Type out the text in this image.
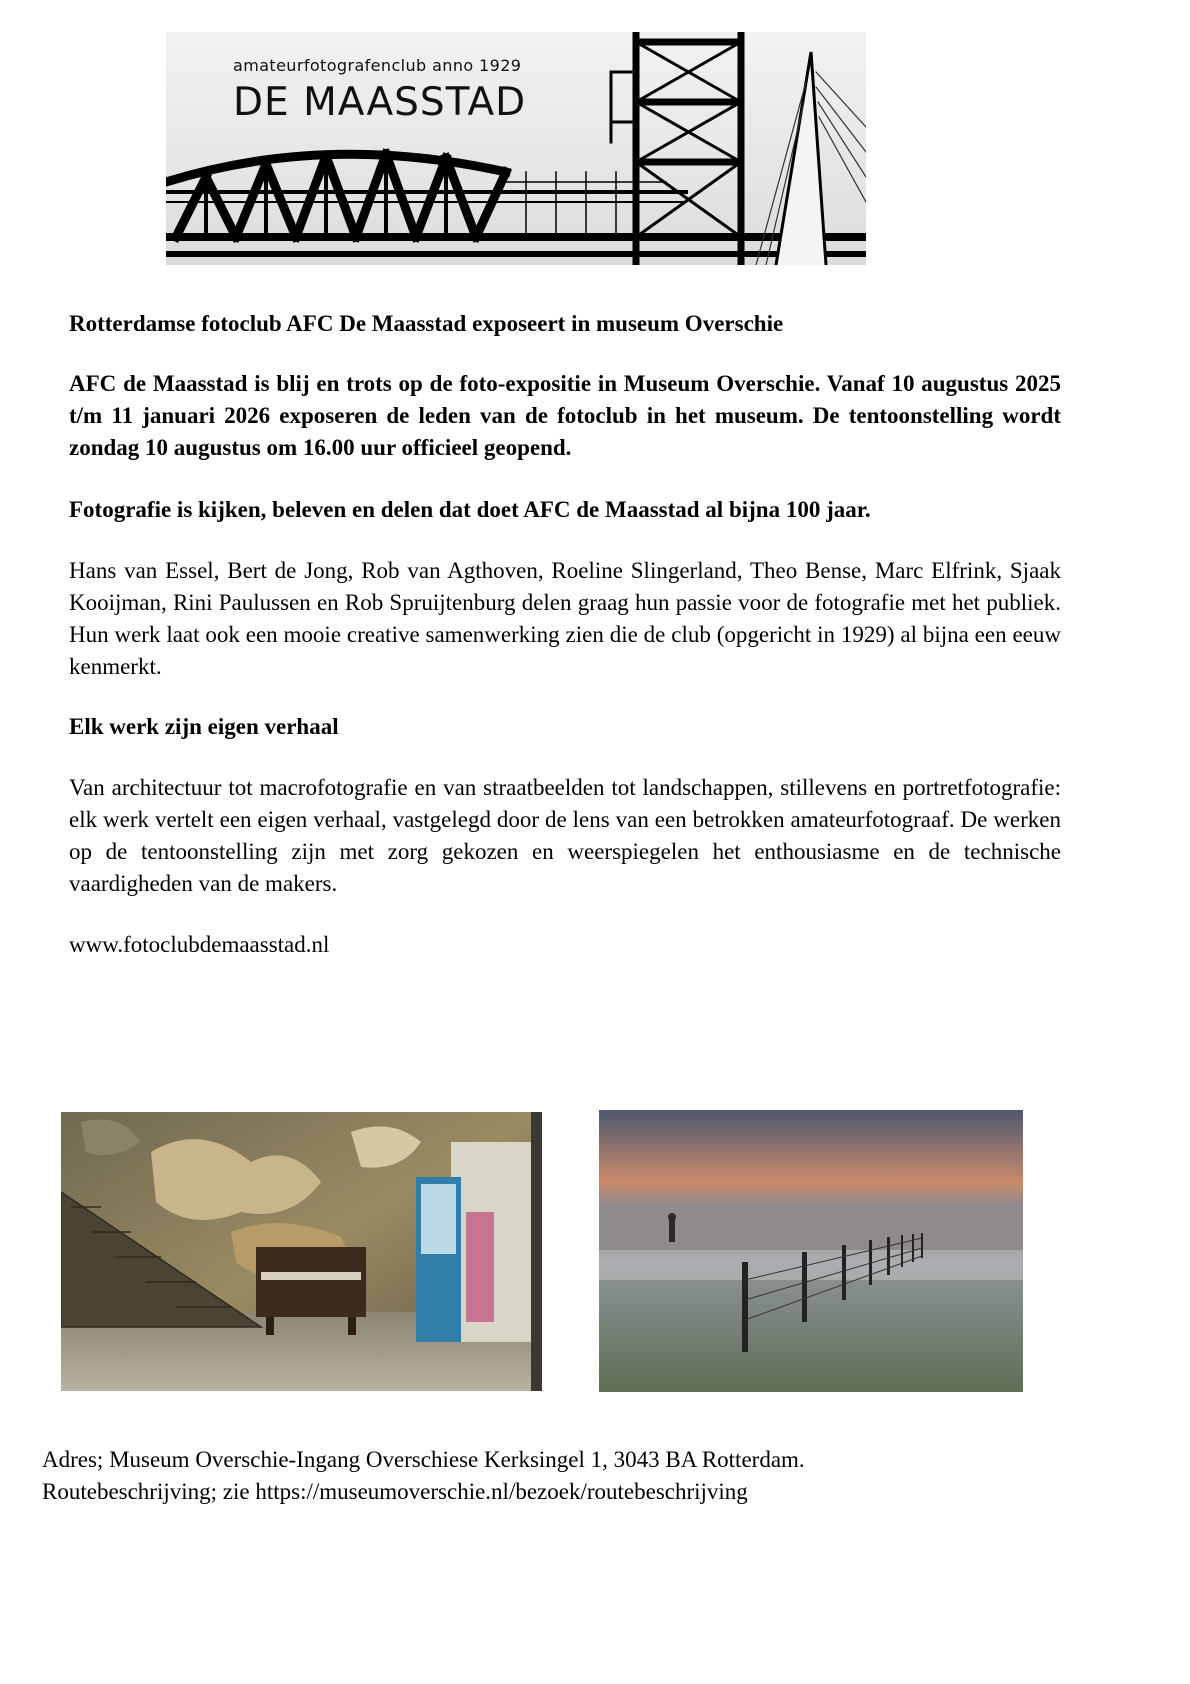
amateurfotografenclub anno 1929
DE MAASSTAD
Rotterdamse fotoclub AFC De Maasstad exposeert in museum Overschie
AFC de Maasstad is blij en trots op de foto-expositie in Museum Overschie. Vanaf 10 augustus 2025 t/m 11 januari 2026 exposeren de leden van de fotoclub in het museum. De tentoonstelling wordt zondag 10 augustus om 16.00 uur officieel geopend.
Fotografie is kijken, beleven en delen dat doet AFC de Maasstad al bijna 100 jaar.
Hans van Essel, Bert de Jong, Rob van Agthoven, Roeline Slingerland, Theo Bense, Marc Elfrink, Sjaak Kooijman, Rini Paulussen en Rob Spruijtenburg delen graag hun passie voor de fotografie met het publiek. Hun werk laat ook een mooie creative samenwerking zien die de club (opgericht in 1929) al bijna een eeuw kenmerkt.
Elk werk zijn eigen verhaal
Van architectuur tot macrofotografie en van straatbeelden tot landschappen, stillevens en portretfotografie: elk werk vertelt een eigen verhaal, vastgelegd door de lens van een betrokken amateurfotograaf. De werken op de tentoonstelling zijn met zorg gekozen en weerspiegelen het enthousiasme en de technische vaardigheden van de makers.
www.fotoclubdemaasstad.nl
Adres; Museum Overschie-Ingang Overschiese Kerksingel 1, 3043 BA Rotterdam.
Routebeschrijving; zie https://museumoverschie.nl/bezoek/routebeschrijving
